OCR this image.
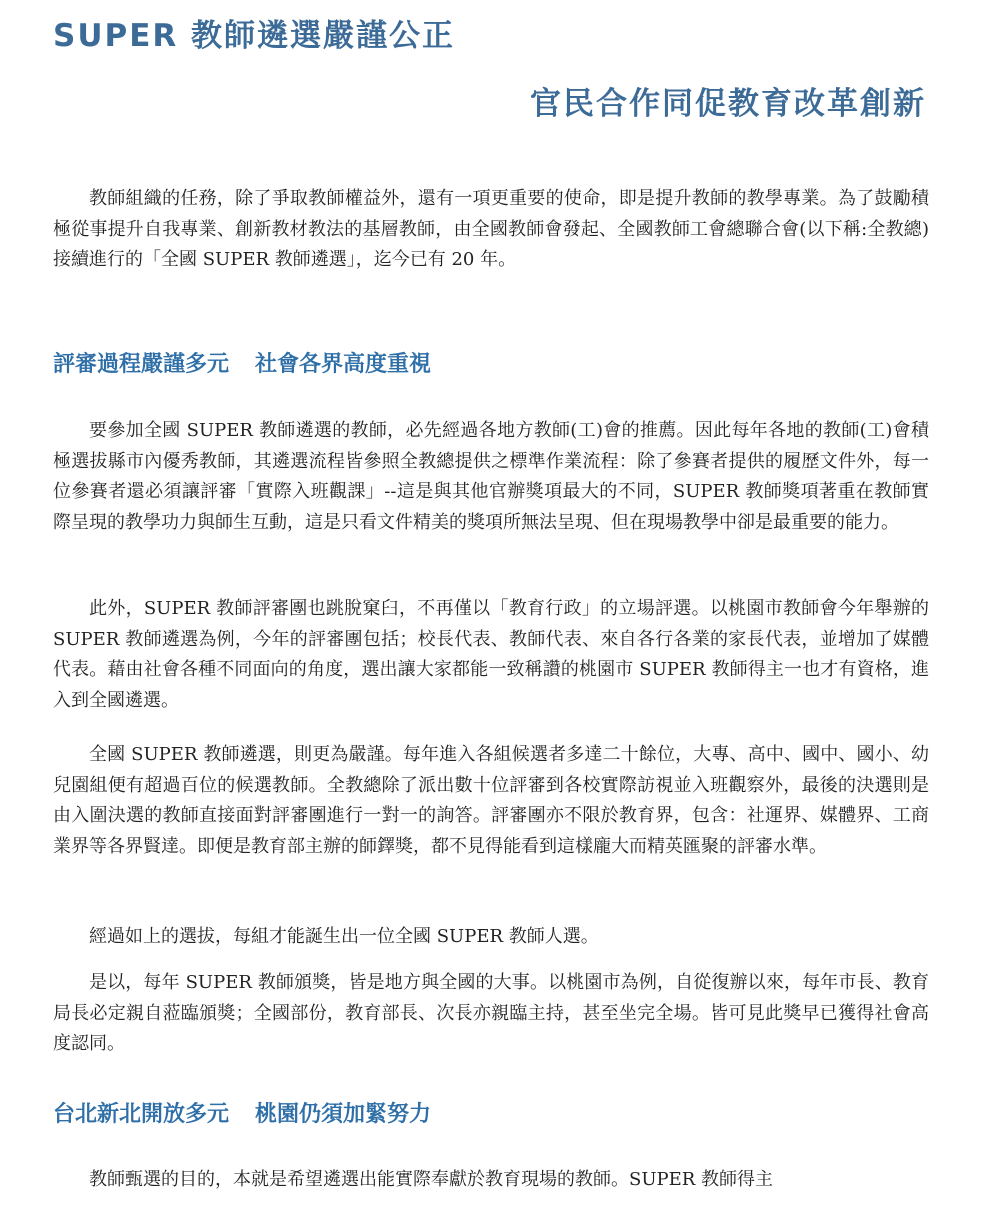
SUPER 教師遴選嚴謹公正
官民合作同促教育改革創新

教師組織的任務，除了爭取教師權益外，還有一項更重要的使命，即是提升教師的教學專業。為了鼓勵積極從事提升自我專業、創新教材教法的基層教師，由全國教師會發起、全國教師工會總聯合會(以下稱:全教總)接續進行的「全國 SUPER 教師遴選」，迄今已有 20 年。

評審過程嚴謹多元 社會各界高度重視

要參加全國 SUPER 教師遴選的教師，必先經過各地方教師(工)會的推薦。因此每年各地的教師(工)會積極選拔縣市內優秀教師，其遴選流程皆參照全教總提供之標準作業流程：除了參賽者提供的履歷文件外，每一位參賽者還必須讓評審「實際入班觀課」--這是與其他官辦獎項最大的不同，SUPER 教師獎項著重在教師實際呈現的教學功力與師生互動，這是只看文件精美的獎項所無法呈現、但在現場教學中卻是最重要的能力。

此外，SUPER 教師評審團也跳脫窠臼，不再僅以「教育行政」的立場評選。以桃園市教師會今年舉辦的 SUPER 教師遴選為例，今年的評審團包括；校長代表、教師代表、來自各行各業的家長代表，並增加了媒體代表。藉由社會各種不同面向的角度，選出讓大家都能一致稱讚的桃園市 SUPER 教師得主一也才有資格，進入到全國遴選。

全國 SUPER 教師遴選，則更為嚴謹。每年進入各組候選者多達二十餘位，大專、高中、國中、國小、幼兒園組便有超過百位的候選教師。全教總除了派出數十位評審到各校實際訪視並入班觀察外，最後的決選則是由入圍決選的教師直接面對評審團進行一對一的詢答。評審團亦不限於教育界，包含：社運界、媒體界、工商業界等各界賢達。即便是教育部主辦的師鐸獎，都不見得能看到這樣龐大而精英匯聚的評審水準。

經過如上的選拔，每組才能誕生出一位全國 SUPER 教師人選。

是以，每年 SUPER 教師頒獎，皆是地方與全國的大事。以桃園市為例，自從復辦以來，每年市長、教育局長必定親自蒞臨頒獎；全國部份，教育部長、次長亦親臨主持，甚至坐完全場。皆可見此獎早已獲得社會高度認同。

台北新北開放多元 桃園仍須加緊努力

教師甄選的目的，本就是希望遴選出能實際奉獻於教育現場的教師。SUPER 教師得主
